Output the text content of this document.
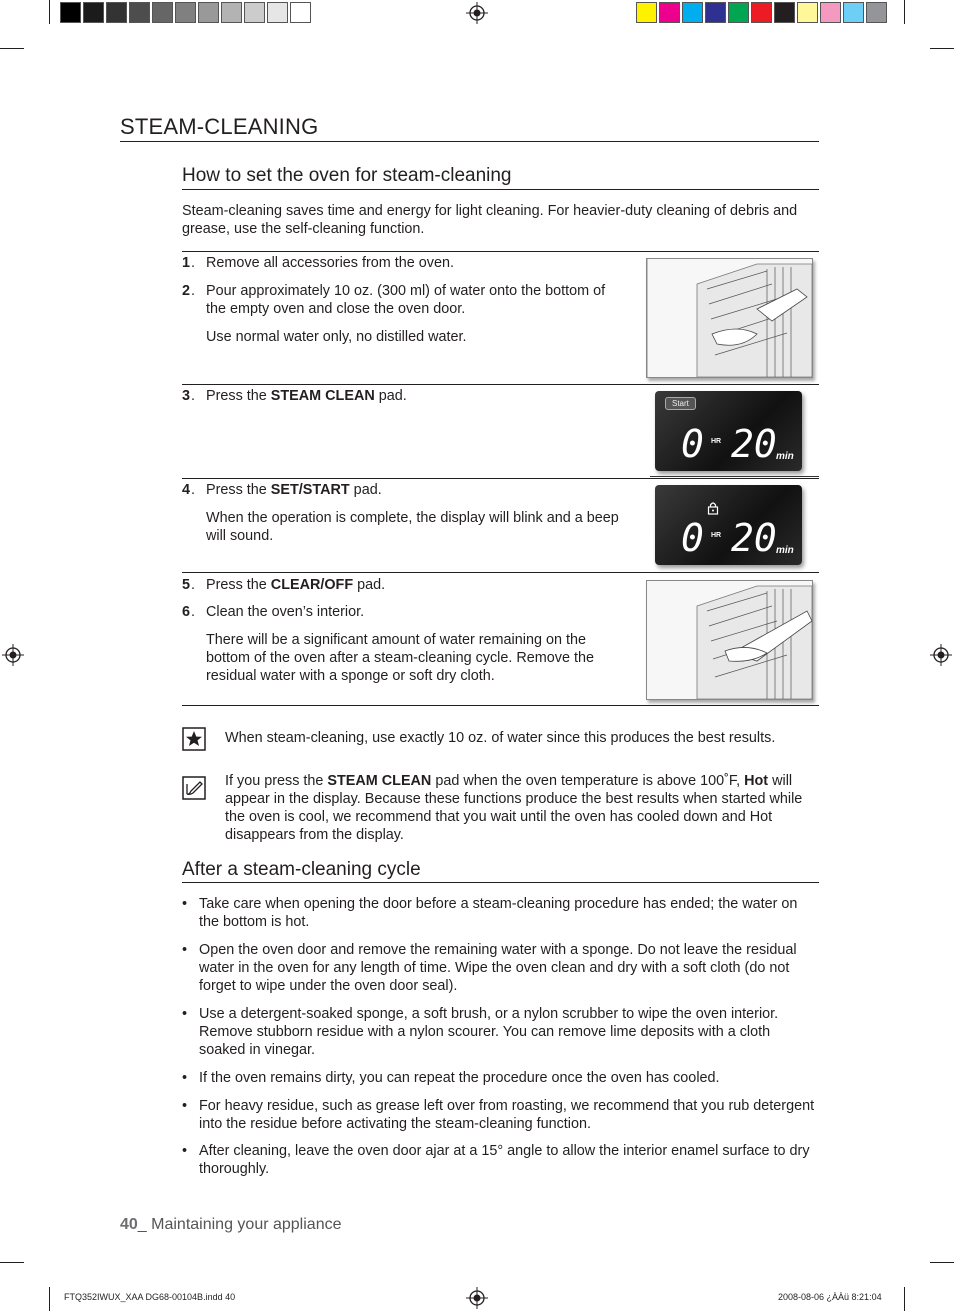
STEAM-CLEANING
How to set the oven for steam-cleaning

Steam-cleaning saves time and energy for light cleaning. For heavier-duty cleaning of debris and grease, use the self-cleaning function.

1 . Remove all accessories from the oven.
2 . Pour approximately 10 oz. (300 ml) of water onto the bottom of the empty oven and close the oven door.

Use normal water only, no distilled water.

3 . Press the STEAM CLEAN pad.	Start
0 HR 20 min
4 . Press the SET/START pad.

When the operation is complete, the display will blink and a beep will sound.	0 HR 20 min
5 . Press the CLEAR/OFF pad.
6 . Clean the oven’s interior.

There will be a significant amount of water remaining on the bottom of the oven after a steam-cleaning cycle. Remove the residual water with a sponge or soft dry cloth.

When steam-cleaning, use exactly 10 oz. of water since this produces the best results.

If you press the STEAM CLEAN pad when the oven temperature is above 100˚F, Hot will appear in the display. Because these functions produce the best results when started while the oven is cool, we recommend that you wait until the oven has cooled down and Hot disappears from the display.

After a steam-cleaning cycle
• Take care when opening the door before a steam-cleaning procedure has ended; the water on the bottom is hot.
• Open the oven door and remove the remaining water with a sponge. Do not leave the residual water in the oven for any length of time. Wipe the oven clean and dry with a soft cloth (do not forget to wipe under the oven door seal).
• Use a detergent-soaked sponge, a soft brush, or a nylon scrubber to wipe the oven interior. Remove stubborn residue with a nylon scourer. You can remove lime deposits with a cloth soaked in vinegar.
• If the oven remains dirty, you can repeat the procedure once the oven has cooled.
• For heavy residue, such as grease left over from roasting, we recommend that you rub detergent into the residue before activating the steam-cleaning function.
• After cleaning, leave the oven door ajar at a 15° angle to allow the interior enamel surface to dry thoroughly.
40_ Maintaining your appliance
FTQ352IWUX_XAA DG68-00104B.indd 40	2008-08-06 ¿ÀÀü 8:21:04
